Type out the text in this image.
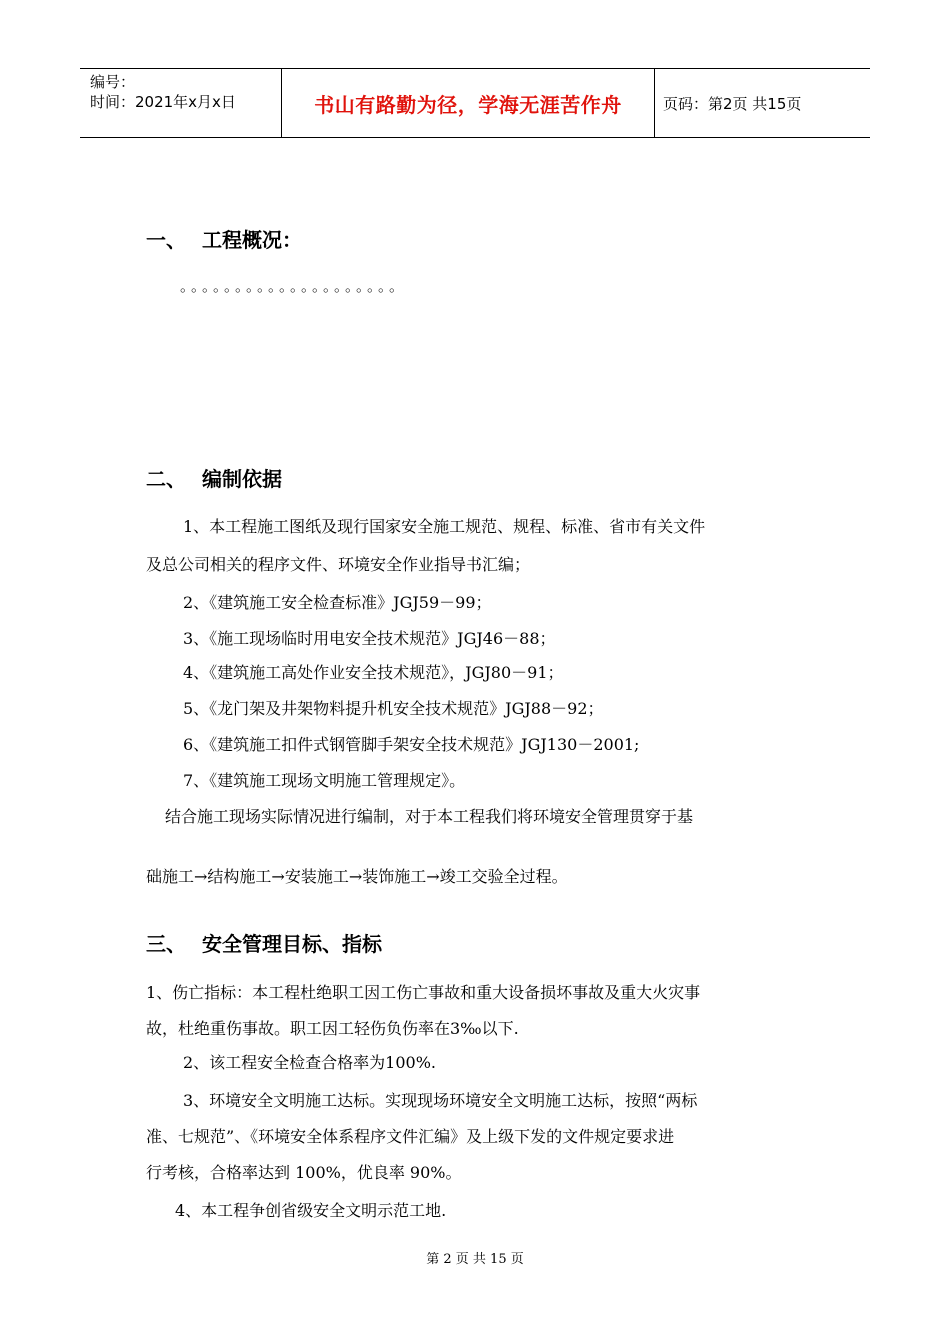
编号：
时间：2021年x月x日	书山有路勤为径，学海无涯苦作舟	页码：第2页 共15页
一、 工程概况：
。。。。。。。。。。。。。。。。。。。。
二、 编制依据
1、本工程施工图纸及现行国家安全施工规范、规程、标准、省市有关文件
及总公司相关的程序文件、环境安全作业指导书汇编；
2、《建筑施工安全检查标准》JGJ59－99；
3、《施工现场临时用电安全技术规范》JGJ46－88；
4、《建筑施工高处作业安全技术规范》，JGJ80－91；
5、《龙门架及井架物料提升机安全技术规范》JGJ88－92；
6、《建筑施工扣件式钢管脚手架安全技术规范》JGJ130－2001;
7、《建筑施工现场文明施工管理规定》。
结合施工现场实际情况进行编制，对于本工程我们将环境安全管理贯穿于基
础施工→结构施工→安装施工→装饰施工→竣工交验全过程。
三、 安全管理目标、指标
1、伤亡指标：本工程杜绝职工因工伤亡事故和重大设备损坏事故及重大火灾事
故，杜绝重伤事故。职工因工轻伤负伤率在3‰以下.
2、该工程安全检查合格率为100%.
3、环境安全文明施工达标。实现现场环境安全文明施工达标，按照“两标
准、七规范”、《环境安全体系程序文件汇编》及上级下发的文件规定要求进
行考核，合格率达到 100%，优良率 90%。
4、本工程争创省级安全文明示范工地.
第 2 页 共 15 页
